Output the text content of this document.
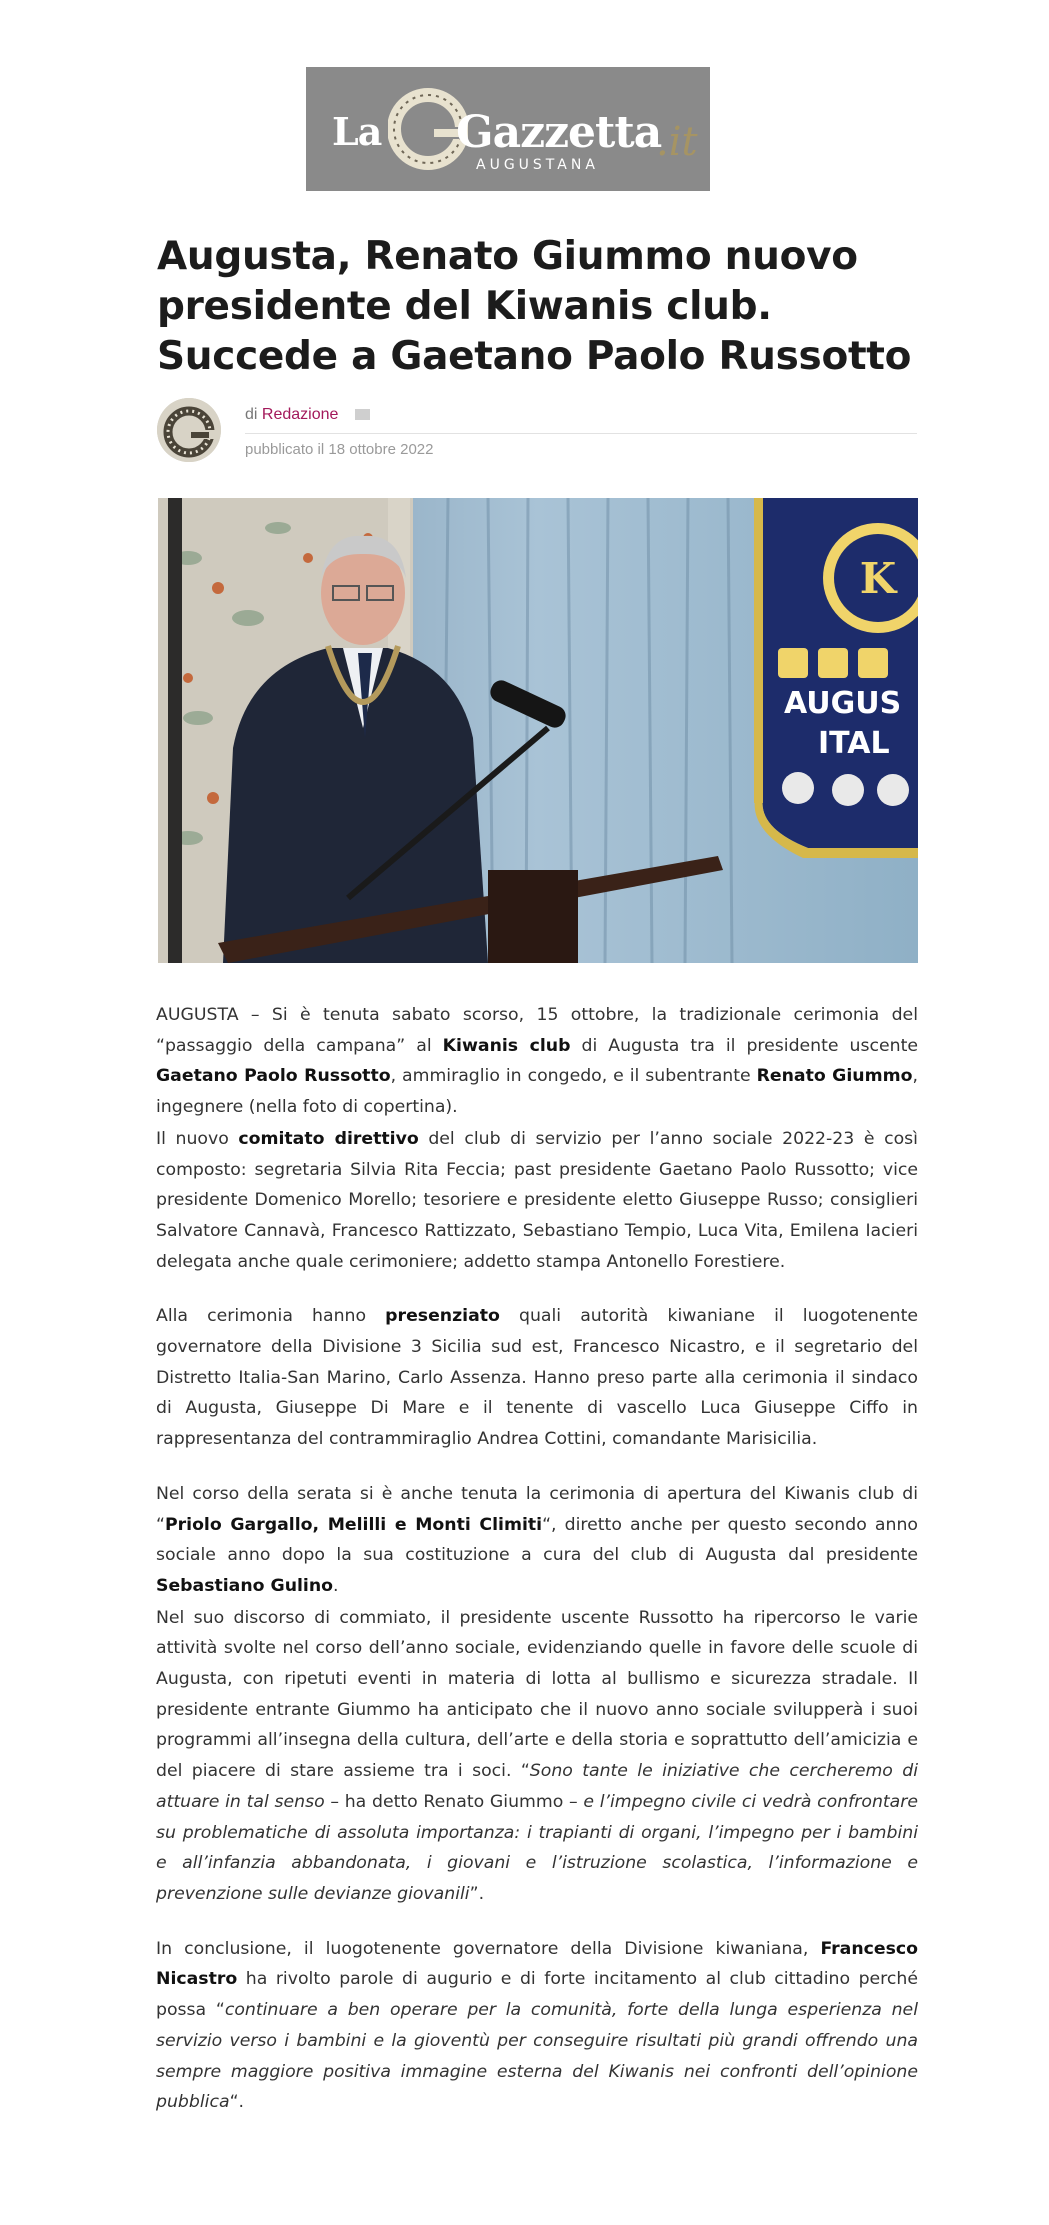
La Gazzetta
AUGUSTANA .it
Augusta, Renato Giummo nuovo presidente del Kiwanis club. Succede a Gaetano Paolo Russotto
di Redazione
pubblicato il 18 ottobre 2022
K
AUGUS
ITAL

AUGUSTA – Si è tenuta sabato scorso, 15 ottobre, la tradizionale cerimonia del “passaggio della campana” al Kiwanis club di Augusta tra il presidente uscente Gaetano Paolo Russotto, ammiraglio in congedo, e il subentrante Renato Giummo, ingegnere (nella foto di copertina).

Il nuovo comitato direttivo del club di servizio per l’anno sociale 2022-23 è così composto: segretaria Silvia Rita Feccia; past presidente Gaetano Paolo Russotto; vice presidente Domenico Morello; tesoriere e presidente eletto Giuseppe Russo; consiglieri Salvatore Cannavà, Francesco Rattizzato, Sebastiano Tempio, Luca Vita, Emilena Iacieri delegata anche quale cerimoniere; addetto stampa Antonello Forestiere.

Alla cerimonia hanno presenziato quali autorità kiwaniane il luogotenente governatore della Divisione 3 Sicilia sud est, Francesco Nicastro, e il segretario del Distretto Italia-San Marino, Carlo Assenza. Hanno preso parte alla cerimonia il sindaco di Augusta, Giuseppe Di Mare e il tenente di vascello Luca Giuseppe Ciffo in rappresentanza del contrammiraglio Andrea Cottini, comandante Marisicilia.

Nel corso della serata si è anche tenuta la cerimonia di apertura del Kiwanis club di “Priolo Gargallo, Melilli e Monti Climiti“, diretto anche per questo secondo anno sociale anno dopo la sua costituzione a cura del club di Augusta dal presidente Sebastiano Gulino.

Nel suo discorso di commiato, il presidente uscente Russotto ha ripercorso le varie attività svolte nel corso dell’anno sociale, evidenziando quelle in favore delle scuole di Augusta, con ripetuti eventi in materia di lotta al bullismo e sicurezza stradale. Il presidente entrante Giummo ha anticipato che il nuovo anno sociale svilupperà i suoi programmi all’insegna della cultura, dell’arte e della storia e soprattutto dell’amicizia e del piacere di stare assieme tra i soci. “Sono tante le iniziative che cercheremo di attuare in tal senso – ha detto Renato Giummo – e l’impegno civile ci vedrà confrontare su problematiche di assoluta importanza: i trapianti di organi, l’impegno per i bambini e all’infanzia abbandonata, i giovani e l’istruzione scolastica, l’informazione e prevenzione sulle devianze giovanili”.

In conclusione, il luogotenente governatore della Divisione kiwaniana, Francesco Nicastro ha rivolto parole di augurio e di forte incitamento al club cittadino perché possa “continuare a ben operare per la comunità, forte della lunga esperienza nel servizio verso i bambini e la gioventù per conseguire risultati più grandi offrendo una sempre maggiore positiva immagine esterna del Kiwanis nei confronti dell’opinione pubblica“.
